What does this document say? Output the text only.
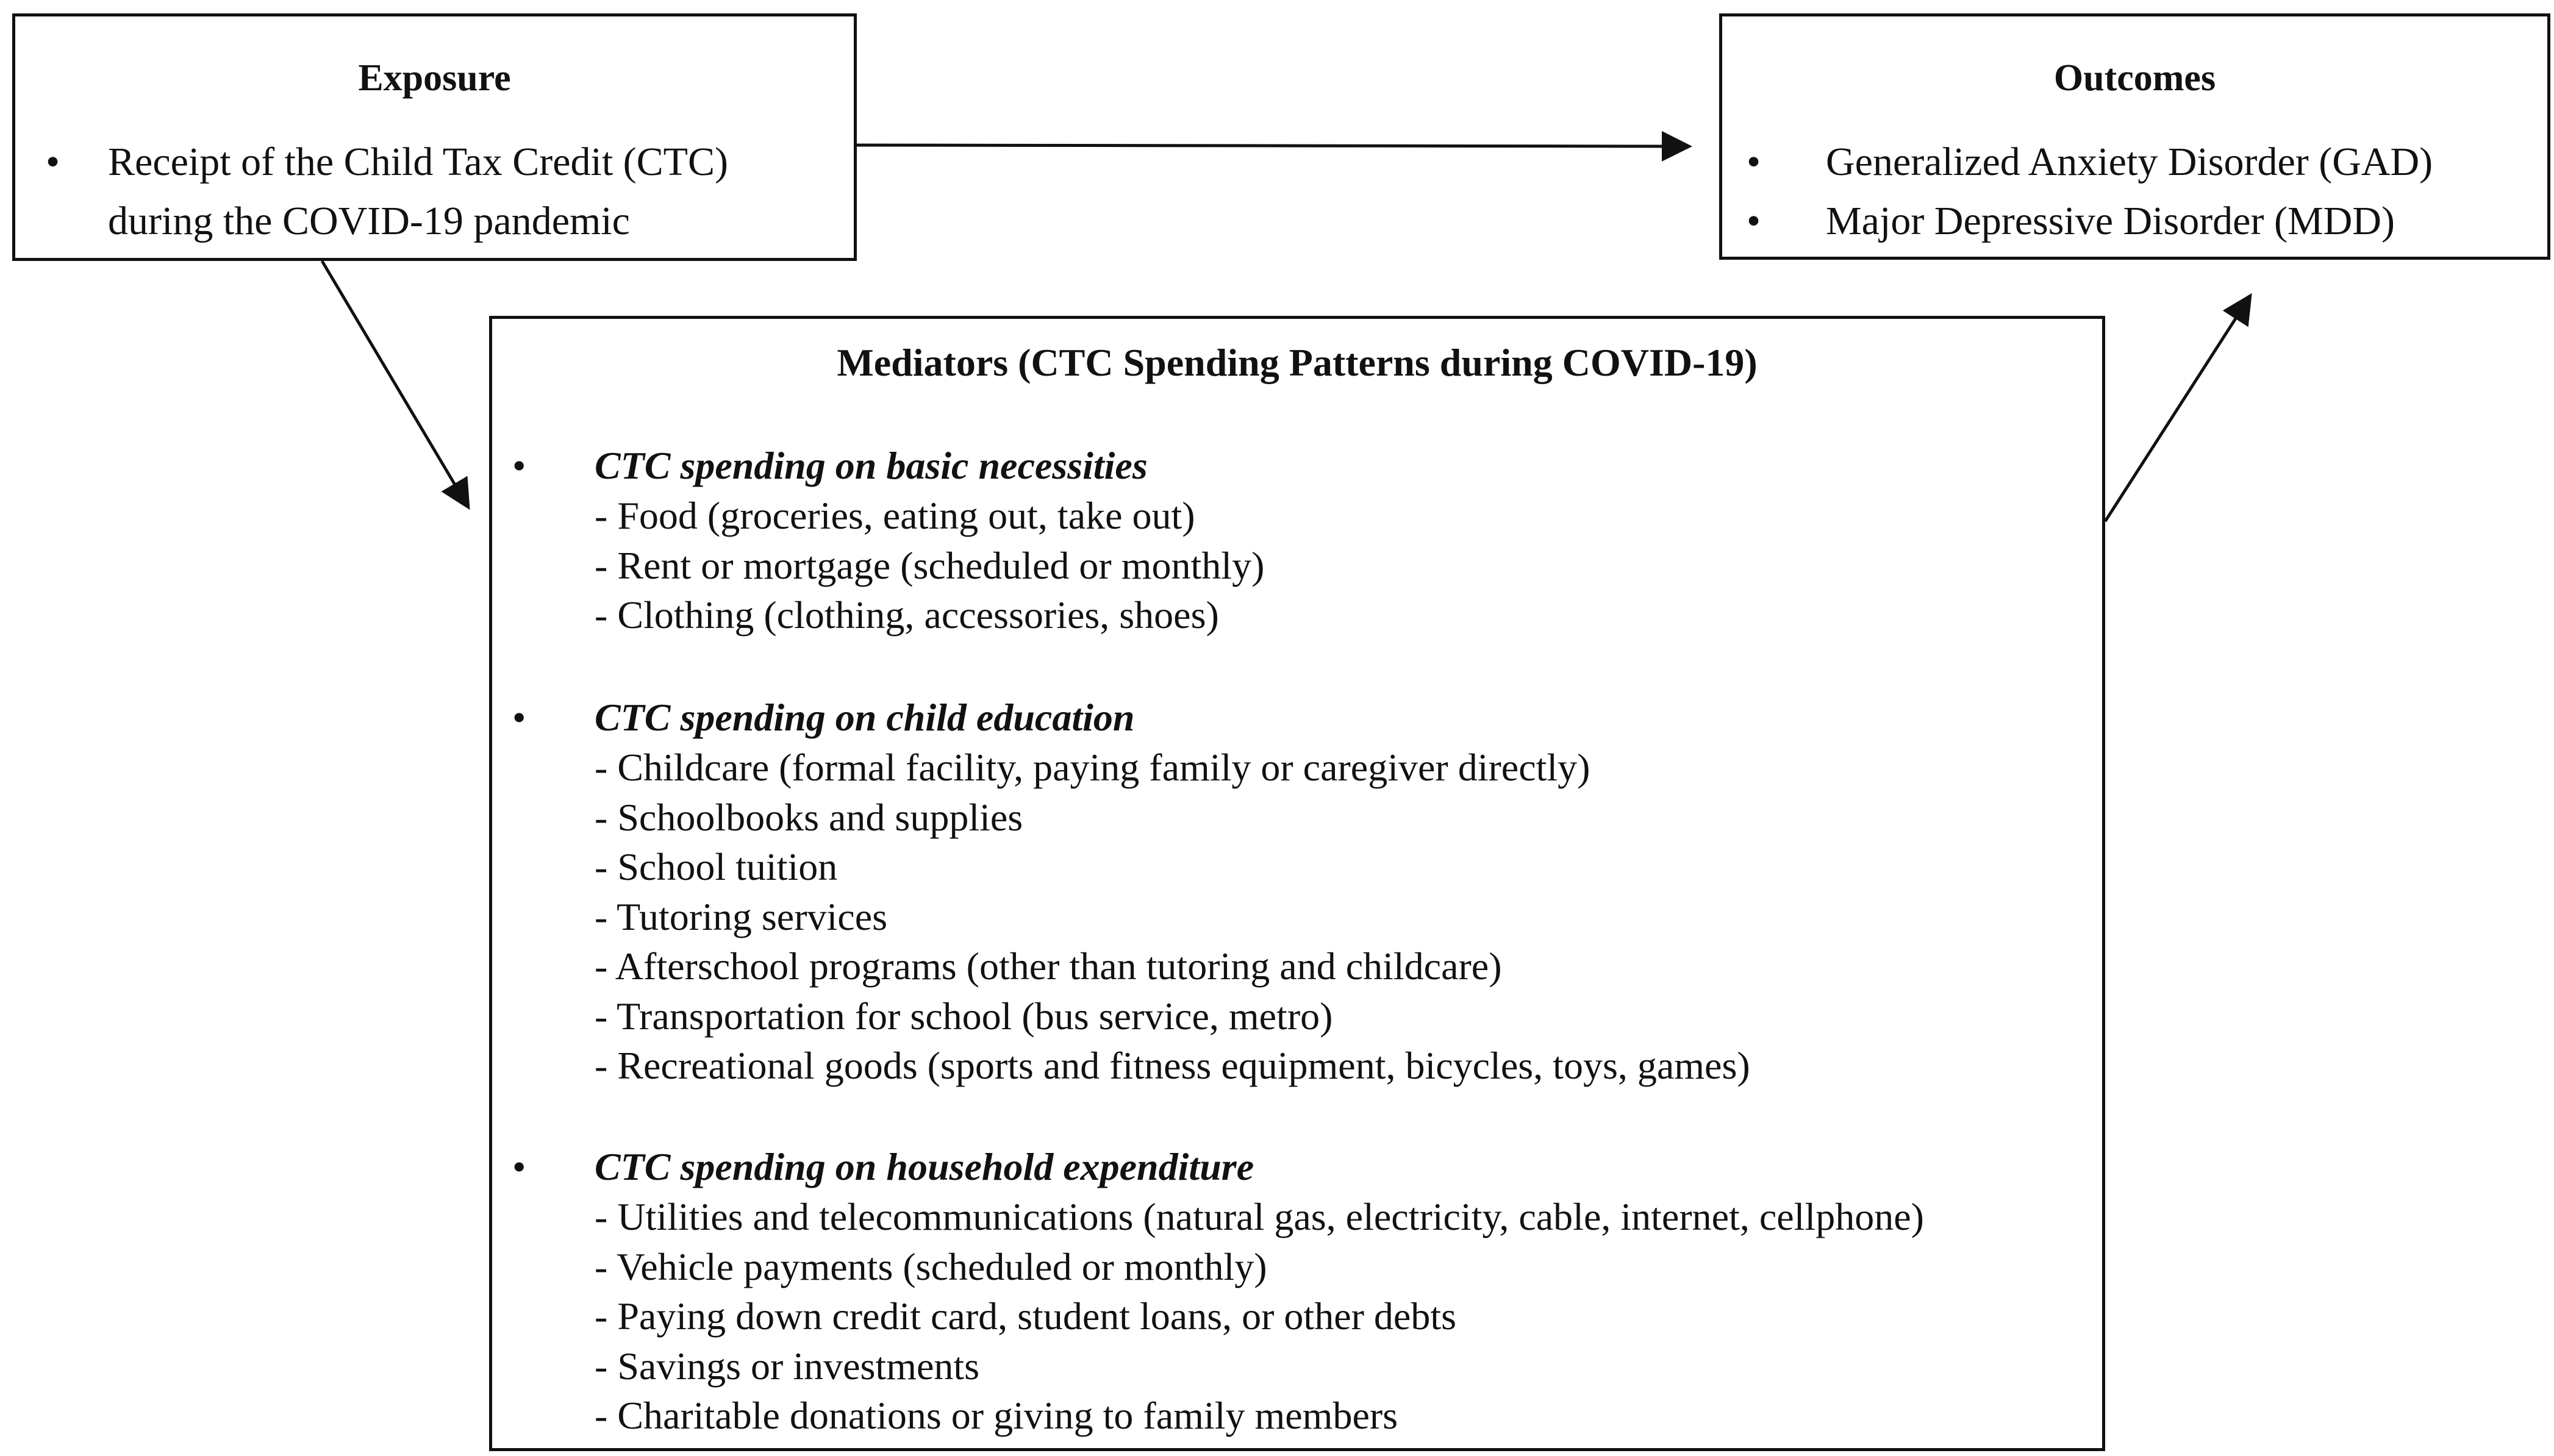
Exposure
• Receipt of the Child Tax Credit (CTC)
during the COVID-19 pandemic
Outcomes
• Generalized Anxiety Disorder (GAD)
• Major Depressive Disorder (MDD)
Mediators (CTC Spending Patterns during COVID-19)
• CTC spending on basic necessities
- Food (groceries, eating out, take out)
- Rent or mortgage (scheduled or monthly)
- Clothing (clothing, accessories, shoes)
• CTC spending on child education
- Childcare (formal facility, paying family or caregiver directly)
- Schoolbooks and supplies
- School tuition
- Tutoring services
- Afterschool programs (other than tutoring and childcare)
- Transportation for school (bus service, metro)
- Recreational goods (sports and fitness equipment, bicycles, toys, games)
• CTC spending on household expenditure
- Utilities and telecommunications (natural gas, electricity, cable, internet, cellphone)
- Vehicle payments (scheduled or monthly)
- Paying down credit card, student loans, or other debts
- Savings or investments
- Charitable donations or giving to family members
